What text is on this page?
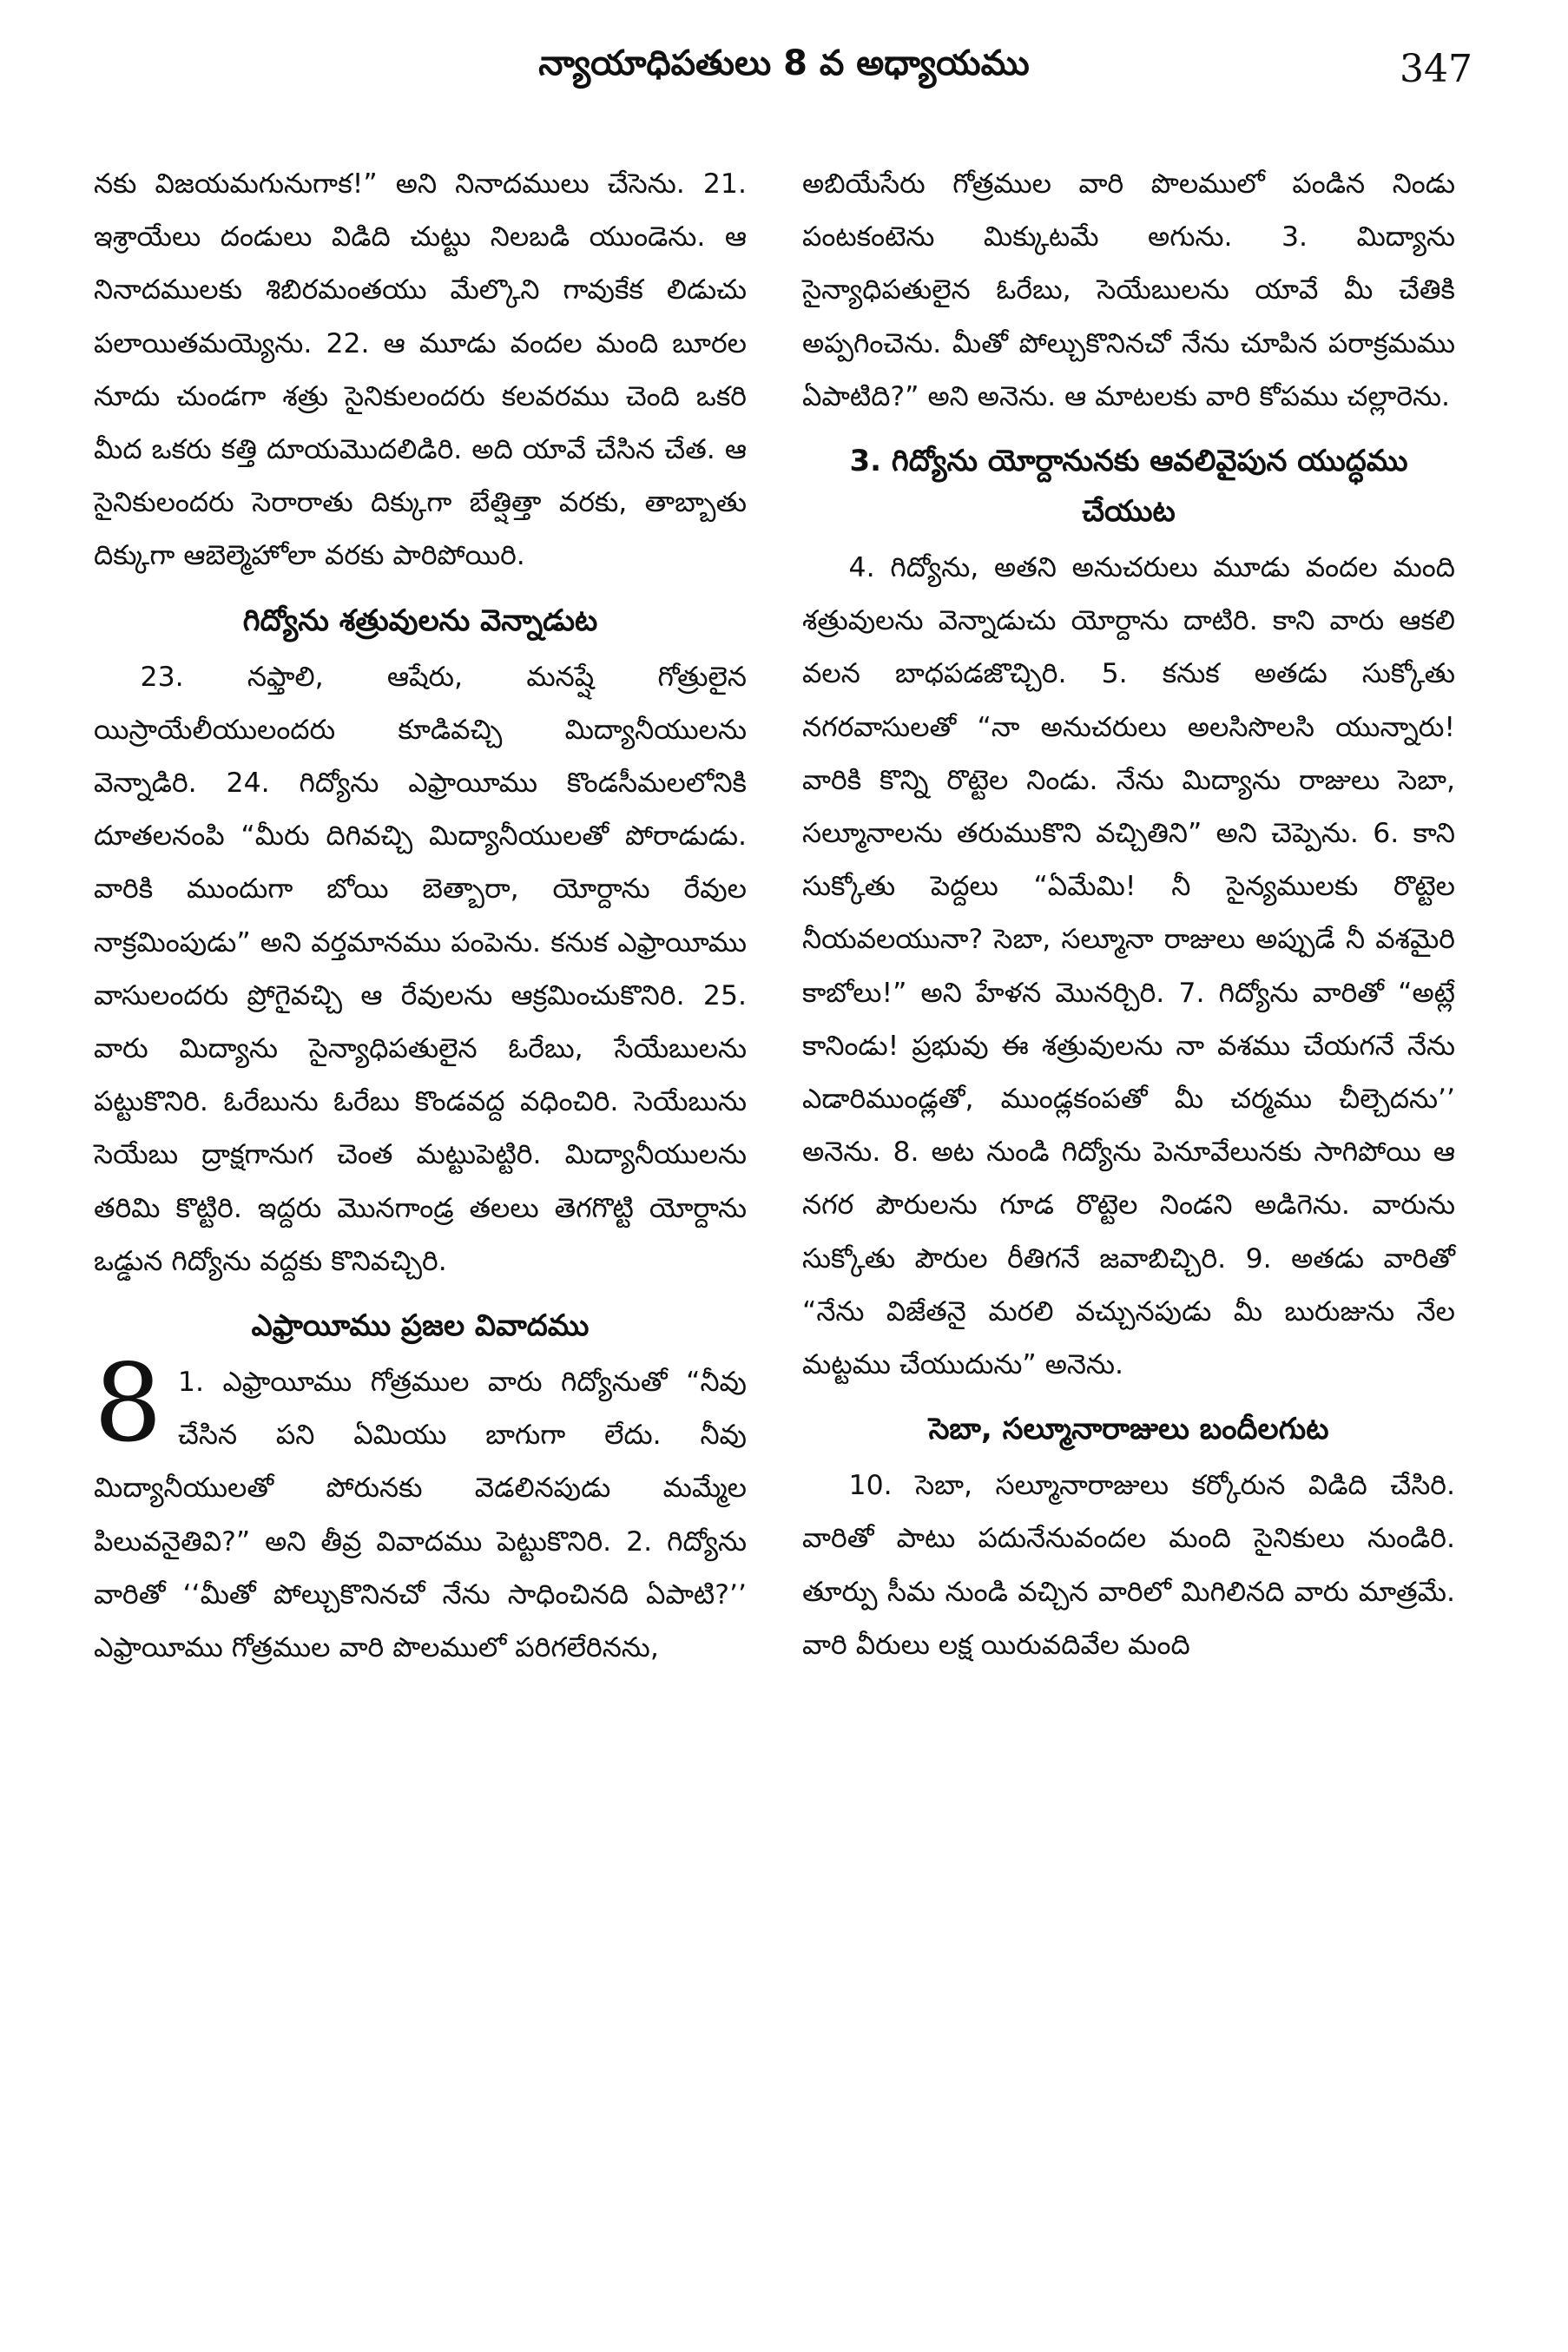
న్యాయాధిపతులు 8 వ అధ్యాయము	347

నకు విజయమగునుగాక!” అని నినాదములు చేసెను. 21. ఇశ్రాయేలు దండులు విడిది చుట్టు నిలబడి యుండెను. ఆ నినాదములకు శిబిరమంతయు మేల్కొని గావుకేక లిడుచు పలాయితమయ్యెను. 22. ఆ మూడు వందల మంది బూరల నూదు చుండగా శత్రు సైనికులందరు కలవరము చెంది ఒకరి మీద ఒకరు కత్తి దూయమొదలిడిరి. అది యావే చేసిన చేత. ఆ సైనికులందరు సెరారాతు దిక్కుగా బేత్షిత్తా వరకు, తాబ్బాతు దిక్కుగా ఆబెల్మెహోలా వరకు పారిపోయిరి.

గిద్యోను శత్రువులను వెన్నాడుట

23. నఫ్తాలి, ఆషేరు, మనష్షే గోత్రులైన యిస్రాయేలీయులందరు కూడివచ్చి మిద్యానీయులను వెన్నాడిరి. 24. గిద్యోను ఎఫ్రాయీము కొండసీమలలోనికి దూతలనంపి “మీరు దిగివచ్చి మిద్యానీయులతో పోరాడుడు. వారికి ముందుగా బోయి బెత్బారా, యోర్దాను రేవుల నాక్రమింపుడు” అని వర్తమానము పంపెను. కనుక ఎఫ్రాయీము వాసులందరు ప్రోగైవచ్చి ఆ రేవులను ఆక్రమించుకొనిరి. 25. వారు మిద్యాను సైన్యాధిపతులైన ఓరేబు, సేయేబులను పట్టుకొనిరి. ఓరేబును ఓరేబు కొండవద్ద వధించిరి. సెయేబును సెయేబు ద్రాక్షగానుగ చెంత మట్టుపెట్టిరి. మిద్యానీయులను తరిమి కొట్టిరి. ఇద్దరు మొనగాండ్ర తలలు తెగగొట్టి యోర్దాను ఒడ్డున గిద్యోను వద్దకు కొనివచ్చిరి.

ఎఫ్రాయీము ప్రజల వివాదము
8 1. ఎఫ్రాయీము గోత్రముల వారు గిద్యోనుతో “నీవు చేసిన పని ఏమియు బాగుగా లేదు. నీవు మిద్యానీయులతో పోరునకు వెడలినపుడు మమ్మేల పిలువనైతివి?” అని తీవ్ర వివాదము పెట్టుకొనిరి. 2. గిద్యోను వారితో ‘‘మీతో పోల్చుకొనినచో నేను సాధించినది ఏపాటి?’’ ఎఫ్రాయీము గోత్రముల వారి పొలములో పరిగలేరినను,

అబియేసేరు గోత్రముల వారి పొలములో పండిన నిండు పంటకంటెను మిక్కుటమే అగును. 3. మిద్యాను సైన్యాధిపతులైన ఓరేబు, సెయేబులను యావే మీ చేతికి అప్పగించెను. మీతో పోల్చుకొనినచో నేను చూపిన పరాక్రమము ఏపాటిది?” అని అనెను. ఆ మాటలకు వారి కోపము చల్లారెను.

3. గిద్యోను యోర్దానునకు ఆవలివైపున యుద్ధము చేయుట

4. గిద్యోను, అతని అనుచరులు మూడు వందల మంది శత్రువులను వెన్నాడుచు యోర్దాను దాటిరి. కాని వారు ఆకలి వలన బాధపడజొచ్చిరి. 5. కనుక అతడు సుక్కోతు నగరవాసులతో “నా అనుచరులు అలసిసొలసి యున్నారు! వారికి కొన్ని రొట్టెల నిండు. నేను మిద్యాను రాజులు సెబా, సల్మూనాలను తరుముకొని వచ్చితిని” అని చెప్పెను. 6. కాని సుక్కోతు పెద్దలు “ఏమేమి! నీ సైన్యములకు రొట్టెల నీయవలయునా? సెబా, సల్మూనా రాజులు అప్పుడే నీ వశమైరి కాబోలు!” అని హేళన మొనర్చిరి. 7. గిద్యోను వారితో “అట్లే కానిండు! ప్రభువు ఈ శత్రువులను నా వశము చేయగనే నేను ఎడారిముండ్లతో, ముండ్లకంపతో మీ చర్మము చీల్చెదను’’ అనెను. 8. అట నుండి గిద్యోను పెనూవేలునకు సాగిపోయి ఆ నగర పౌరులను గూడ రొట్టెల నిండని అడిగెను. వారును సుక్కోతు పౌరుల రీతిగనే జవాబిచ్చిరి. 9. అతడు వారితో “నేను విజేతనై మరలి వచ్చునపుడు మీ బురుజును నేల మట్టము చేయుదును” అనెను.

సెబా, సల్మూనారాజులు బందీలగుట

10. సెబా, సల్మూనారాజులు కర్కోరున విడిది చేసిరి. వారితో పాటు పదునేనువందల మంది సైనికులు నుండిరి. తూర్పు సీమ నుండి వచ్చిన వారిలో మిగిలినది వారు మాత్రమే. వారి వీరులు లక్ష యిరువదివేల మంది
